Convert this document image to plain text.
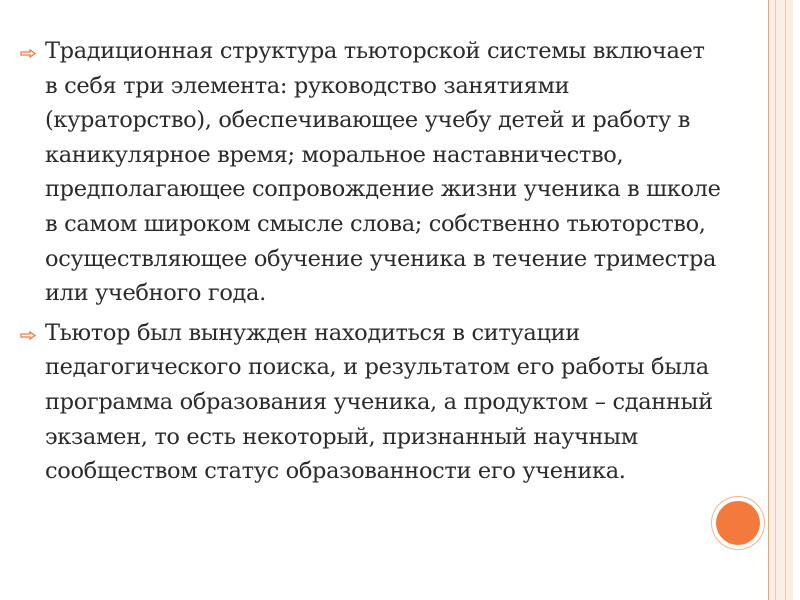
Традиционная структура тьюторской системы включает
в себя три элемента: руководство занятиями
(кураторство), обеспечивающее учебу детей и работу в
каникулярное время; моральное наставничество,
предполагающее сопровождение жизни ученика в школе
в самом широком смысле слова; собственно тьюторство,
осуществляющее обучение ученика в течение триместра
или учебного года.
Тьютор был вынужден находиться в ситуации
педагогического поиска, и результатом его работы была
программа образования ученика, а продуктом – сданный
экзамен, то есть некоторый, признанный научным
сообществом статус образованности его ученика.
